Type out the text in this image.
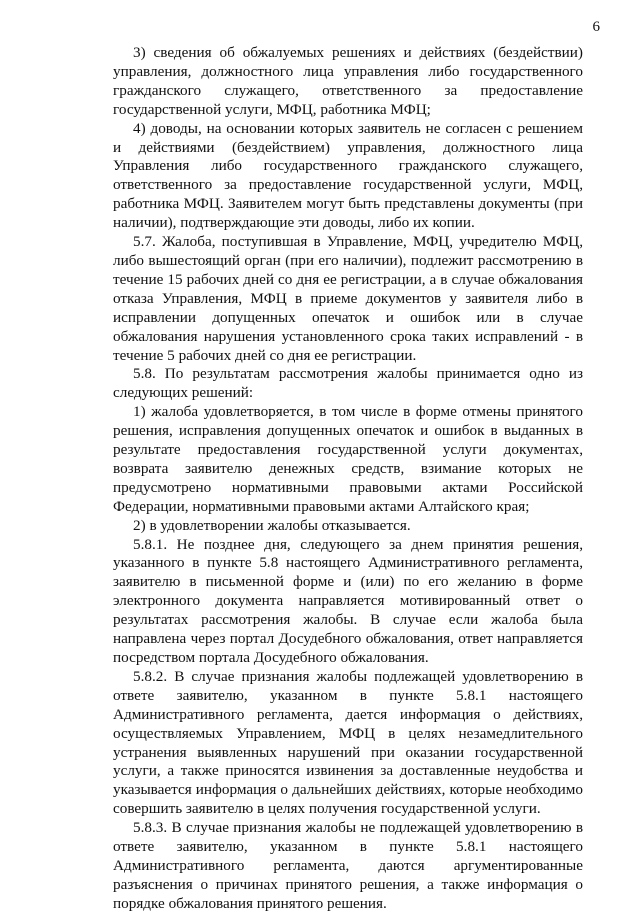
6

3) сведения об обжалуемых решениях и действиях (бездействии) управления, должностного лица управления либо государственного гражданского служащего, ответственного за предоставление государственной услуги, МФЦ, работника МФЦ;

4) доводы, на основании которых заявитель не согласен с решением и действиями (бездействием) управления, должностного лица Управления либо государственного гражданского служащего, ответственного за предоставление государственной услуги, МФЦ, работника МФЦ. Заявителем могут быть представлены документы (при наличии), подтверждающие эти доводы, либо их копии.

5.7. Жалоба, поступившая в Управление, МФЦ, учредителю МФЦ, либо вышестоящий орган (при его наличии), подлежит рассмотрению в течение 15 рабочих дней со дня ее регистрации, а в случае обжалования отказа Управления, МФЦ в приеме документов у заявителя либо в исправлении допущенных опечаток и ошибок или в случае обжалования нарушения установленного срока таких исправлений - в течение 5 рабочих дней со дня ее регистрации.

5.8. По результатам рассмотрения жалобы принимается одно из следующих решений:

1) жалоба удовлетворяется, в том числе в форме отмены принятого решения, исправления допущенных опечаток и ошибок в выданных в результате предоставления государственной услуги документах, возврата заявителю денежных средств, взимание которых не предусмотрено нормативными правовыми актами Российской Федерации, нормативными правовыми актами Алтайского края;

2) в удовлетворении жалобы отказывается.

5.8.1. Не позднее дня, следующего за днем принятия решения, указанного в пункте 5.8 настоящего Административного регламента, заявителю в письменной форме и (или) по его желанию в форме электронного документа направляется мотивированный ответ о результатах рассмотрения жалобы. В случае если жалоба была направлена через портал Досудебного обжалования, ответ направляется посредством портала Досудебного обжалования.

5.8.2. В случае признания жалобы подлежащей удовлетворению в ответе заявителю, указанном в пункте 5.8.1 настоящего Административного регламента, дается информация о действиях, осуществляемых Управлением, МФЦ в целях незамедлительного устранения выявленных нарушений при оказании государственной услуги, а также приносятся извинения за доставленные неудобства и указывается информация о дальнейших действиях, которые необходимо совершить заявителю в целях получения государственной услуги.

5.8.3. В случае признания жалобы не подлежащей удовлетворению в ответе заявителю, указанном в пункте 5.8.1 настоящего Административного регламента, даются аргументированные разъяснения о причинах принятого решения, а также информация о порядке обжалования принятого решения.
